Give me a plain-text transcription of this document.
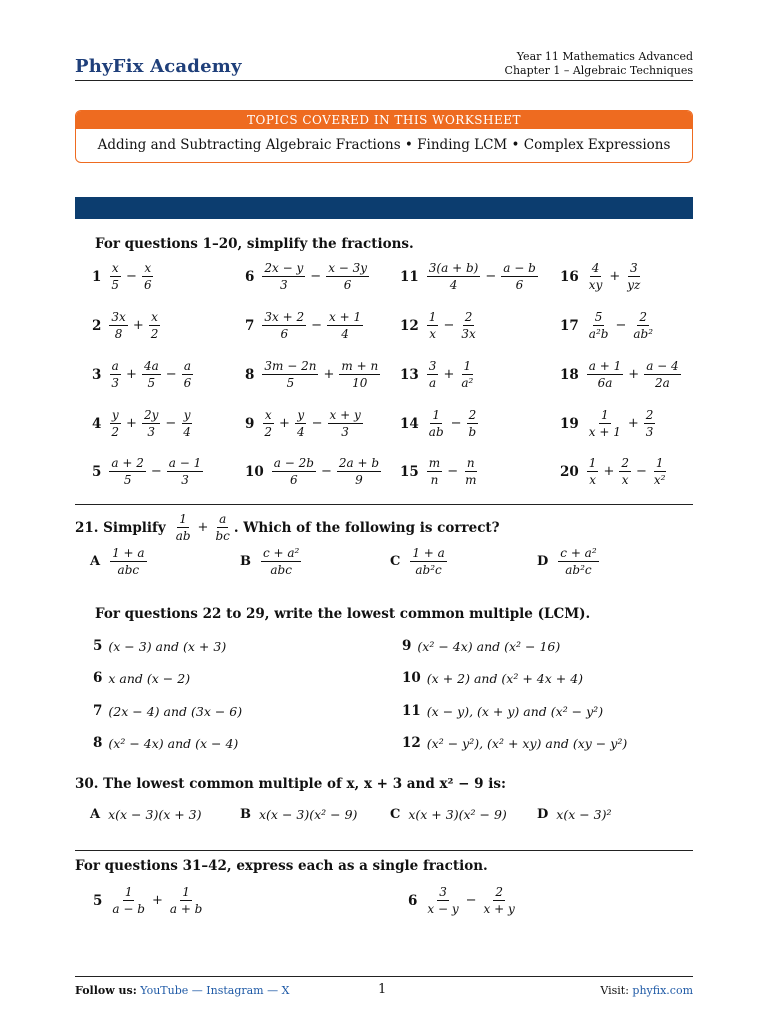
PhyFix Academy	Year 11 Mathematics Advanced
Chapter 1 – Algebraic Techniques
TOPICS COVERED IN THIS WORKSHEET
Adding and Subtracting Algebraic Fractions • Finding LCM • Complex Expressions
For questions 1–20, simplify the fractions.
$1 \frac{x}{5} - \frac{x}{6}$
$2 \frac{3x}{8} + \frac{x}{2}$
$3 \frac{a}{3} + \frac{4a}{5} - \frac{a}{6}$
$4 \frac{y}{2} + \frac{2y}{3} - \frac{y}{4}$
$5 \frac{a + 2}{5} - \frac{a - 1}{3}$
$6 \frac{2x - y}{3} - \frac{x - 3y}{6}$
$7 \frac{3x + 2}{6} - \frac{x + 1}{4}$
$8 \frac{3m - 2n}{5} + \frac{m + n}{10}$
$9 \frac{x}{2} + \frac{y}{4} - \frac{x + y}{3}$
$10 \frac{a - 2b}{6} - \frac{2a + b}{9}$
$11 \frac{3(a + b)}{4} - \frac{a - b}{6}$
$12 \frac{1}{x} - \frac{2}{3x}$
$13 \frac{3}{a} + \frac{1}{\text{a²}}$
$14 \frac{1}{ab} - \frac{2}{b}$
$15 \frac{m}{n} - \frac{n}{m}$
$16 \frac{4}{xy} + \frac{3}{yz}$
$17 \frac{5}{\text{a²b}} - \frac{2}{\text{ab²}}$
$18 \frac{a + 1}{6a} + \frac{a - 4}{2a}$
$19 \frac{1}{x + 1} + \frac{2}{3}$
$20 \frac{1}{x} + \frac{2}{x} - \frac{1}{\text{x²}}$
21. Simplify $\frac{1}{ab} + \frac{a}{bc}$ . Which of the following is correct?
A $\frac{1 + a}{\text{abc}}$	B $\frac{\text{c + a²}}{\text{abc}}$	C $\frac{1 + a}{\text{ab²c}}$	D $\frac{\text{c + a²}}{\text{ab²c}}$
For questions 22 to 29, write the lowest common multiple (LCM).
5 (x − 3) and (x + 3)
6 x and (x − 2)
7 (2x − 4) and (3x − 6)
8 (x² − 4x) and (x − 4)
9 (x² − 4x) and (x² − 16)
10 (x + 2) and (x² + 4x + 4)
11 (x − y), (x + y) and (x² − y²)
12 (x² − y²), (x² + xy) and (xy − y²)
30. The lowest common multiple of x, x + 3 and x² − 9 is:
A x(x − 3)(x + 3)	B x(x − 3)(x² − 9)	C x(x + 3)(x² − 9) D x(x − 3)²
For questions 31–42, express each as a single fraction.
$5 \frac{1}{a - b} + \frac{1}{a + b}$	$6 \frac{3}{x - y} - \frac{2}{x + y}$
Follow us: YouTube — Instagram — X	1	Visit: phyfix.com
